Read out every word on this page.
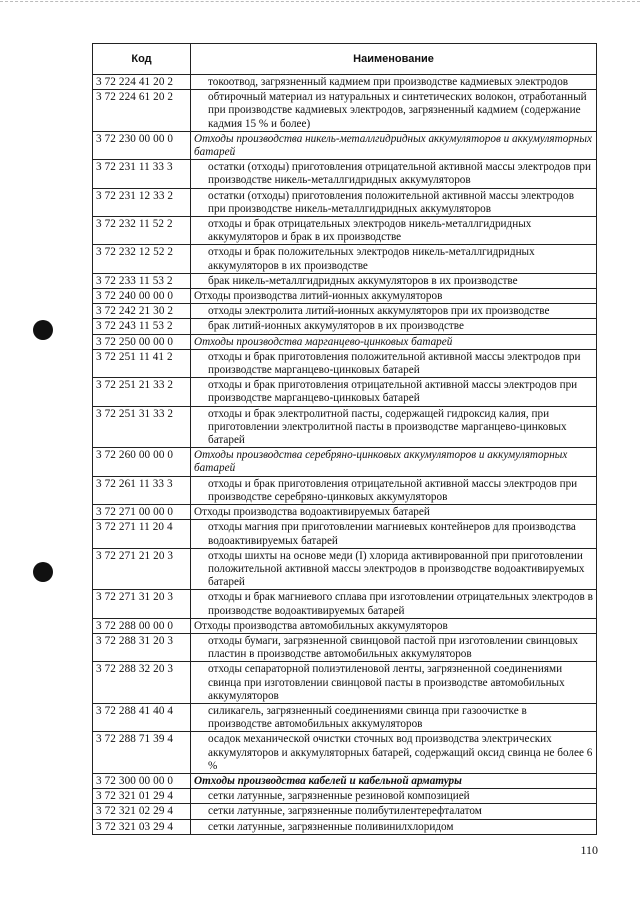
Код	Наименование
3 72 224 41 20 2	токоотвод, загрязненный кадмием при производстве кадмиевых электродов
3 72 224 61 20 2	обтирочный материал из натуральных и синтетических волокон, отработанный при производстве кадмиевых электродов, загрязненный кадмием (содержание кадмия 15 % и более)
3 72 230 00 00 0	Отходы производства никель-металлгидридных аккумуляторов и аккумуляторных батарей
3 72 231 11 33 3	остатки (отходы) приготовления отрицательной активной массы электродов при производстве никель-металлгидридных аккумуляторов
3 72 231 12 33 2	остатки (отходы) приготовления положительной активной массы электродов при производстве никель-металлгидридных аккумуляторов
3 72 232 11 52 2	отходы и брак отрицательных электродов никель-металлгидридных аккумуляторов и брак в их производстве
3 72 232 12 52 2	отходы и брак положительных электродов никель-металлгидридных аккумуляторов в их производстве
3 72 233 11 53 2	брак никель-металлгидридных аккумуляторов в их производстве
3 72 240 00 00 0	Отходы производства литий-ионных аккумуляторов
3 72 242 21 30 2	отходы электролита литий-ионных аккумуляторов при их производстве
3 72 243 11 53 2	брак литий-ионных аккумуляторов в их производстве
3 72 250 00 00 0	Отходы производства марганцево-цинковых батарей
3 72 251 11 41 2	отходы и брак приготовления положительной активной массы электродов при производстве марганцево-цинковых батарей
3 72 251 21 33 2	отходы и брак приготовления отрицательной активной массы электродов при производстве марганцево-цинковых батарей
3 72 251 31 33 2	отходы и брак электролитной пасты, содержащей гидроксид калия, при приготовлении электролитной пасты в производстве марганцево-цинковых батарей
3 72 260 00 00 0	Отходы производства серебряно-цинковых аккумуляторов и аккумуляторных батарей
3 72 261 11 33 3	отходы и брак приготовления отрицательной активной массы электродов при производстве серебряно-цинковых аккумуляторов
3 72 271 00 00 0	Отходы производства водоактивируемых батарей
3 72 271 11 20 4	отходы магния при приготовлении магниевых контейнеров для производства водоактивируемых батарей
3 72 271 21 20 3	отходы шихты на основе меди (I) хлорида активированной при приготовлении положительной активной массы электродов в производстве водоактивируемых батарей
3 72 271 31 20 3	отходы и брак магниевого сплава при изготовлении отрицательных электродов в производстве водоактивируемых батарей
3 72 288 00 00 0	Отходы производства автомобильных аккумуляторов
3 72 288 31 20 3	отходы бумаги, загрязненной свинцовой пастой при изготовлении свинцовых пластин в производстве автомобильных аккумуляторов
3 72 288 32 20 3	отходы сепараторной полиэтиленовой ленты, загрязненной соединениями свинца при изготовлении свинцовой пасты в производстве автомобильных аккумуляторов
3 72 288 41 40 4	силикагель, загрязненный соединениями свинца при газоочистке в производстве автомобильных аккумуляторов
3 72 288 71 39 4	осадок механической очистки сточных вод производства электрических аккумуляторов и аккумуляторных батарей, содержащий оксид свинца не более 6 %
3 72 300 00 00 0	Отходы производства кабелей и кабельной арматуры
3 72 321 01 29 4	сетки латунные, загрязненные резиновой композицией
3 72 321 02 29 4	сетки латунные, загрязненные полибутилентерефталатом
3 72 321 03 29 4	сетки латунные, загрязненные поливинилхлоридом
110
